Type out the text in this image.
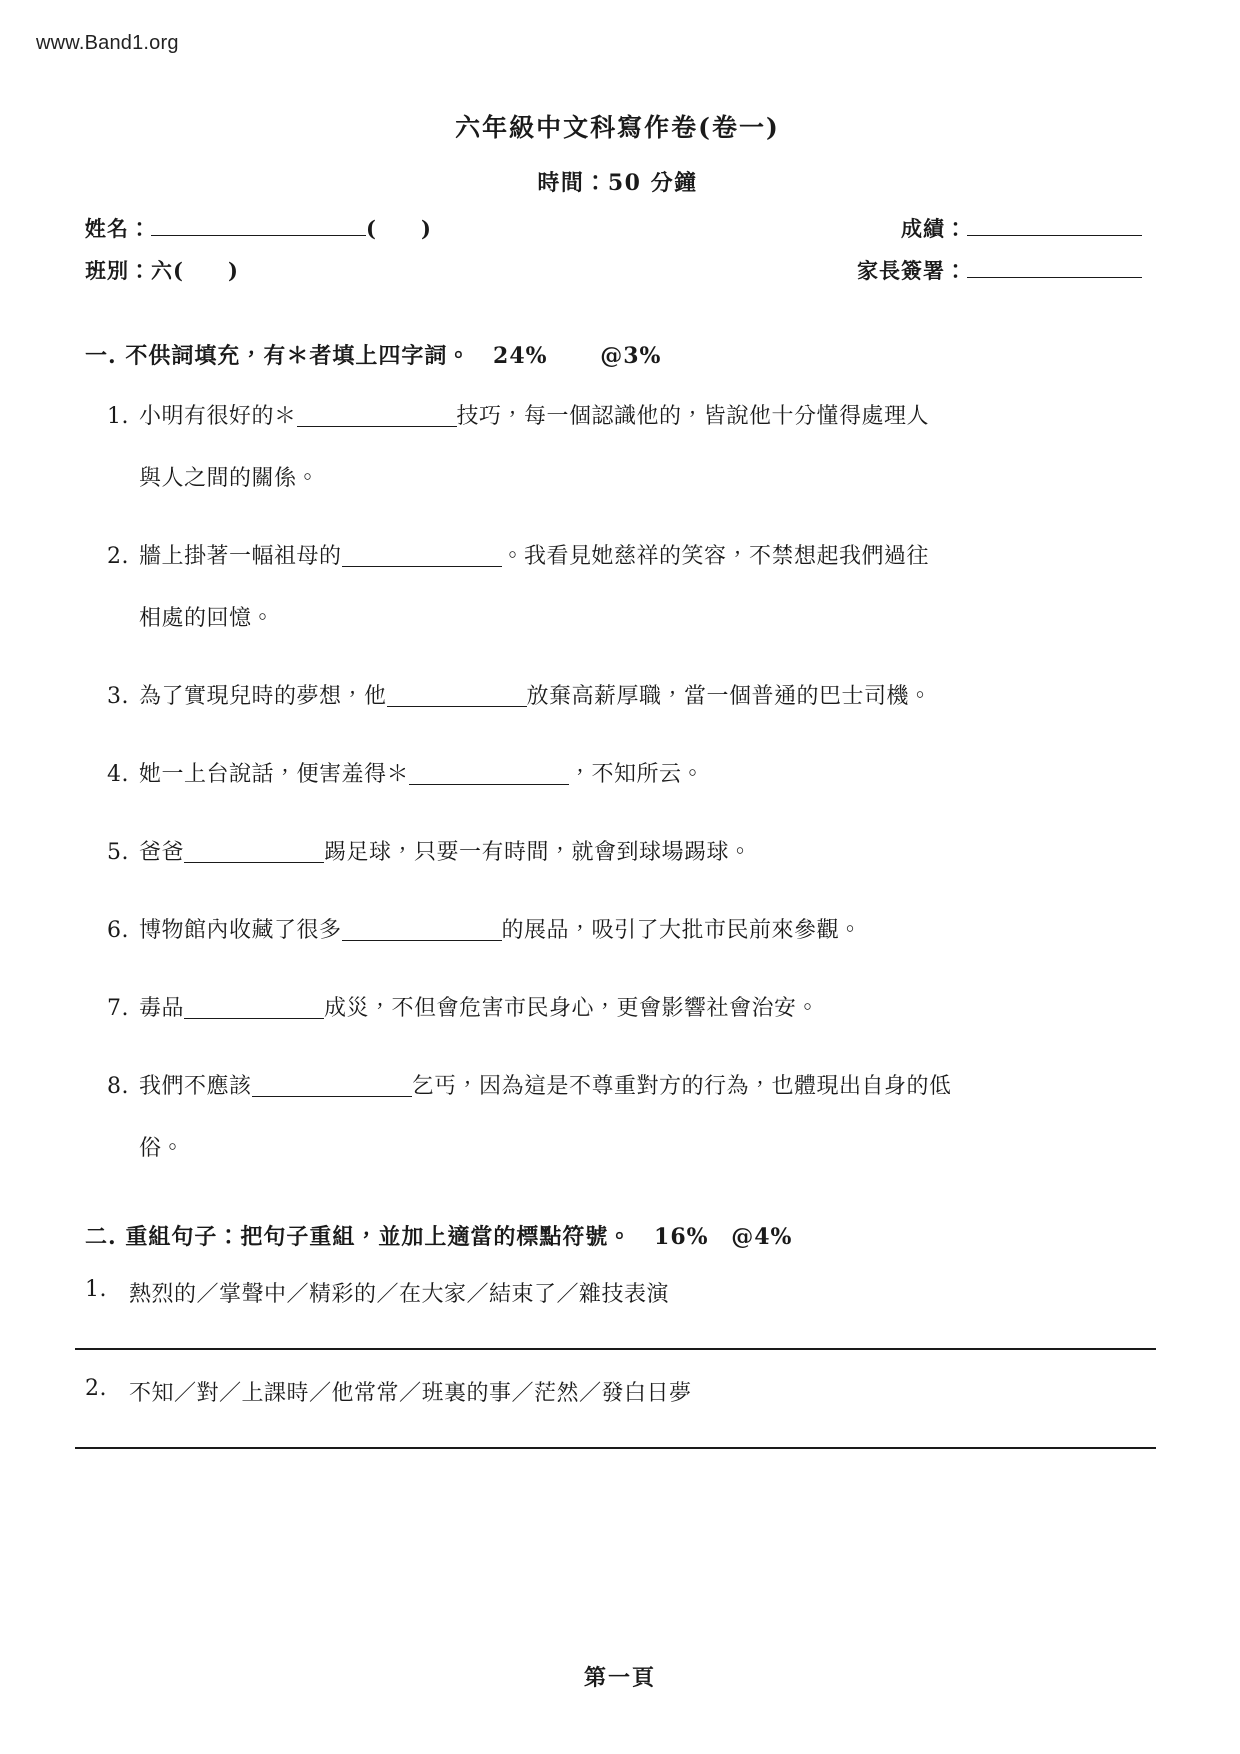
www.Band1.org
六年級中文科寫作卷(卷一)
時間：50 分鐘
姓名：	( )
班別：六( )
成績：
家長簽署：
一. 不供詞填充，有＊者填上四字詞。 24% @3%
1. 小明有很好的＊	技巧，每一個認識他的，皆說他十分懂得處理人
與人之間的關係。
2. 牆上掛著一幅祖母的	。我看見她慈祥的笑容，不禁想起我們過往
相處的回憶。
3. 為了實現兒時的夢想，他	放棄高薪厚職，當一個普通的巴士司機。
4. 她一上台說話，便害羞得＊	，不知所云。
5. 爸爸	踢足球，只要一有時間，就會到球場踢球。
6. 博物館內收藏了很多	的展品，吸引了大批市民前來參觀。
7. 毒品	成災，不但會危害市民身心，更會影響社會治安。
8. 我們不應該	乞丐，因為這是不尊重對方的行為，也體現出自身的低
俗。
二. 重組句子：把句子重組，並加上適當的標點符號。 16% @4%
1.	熱烈的／掌聲中／精彩的／在大家／結束了／雜技表演
2.	不知／對／上課時／他常常／班裏的事／茫然／發白日夢
第一頁
